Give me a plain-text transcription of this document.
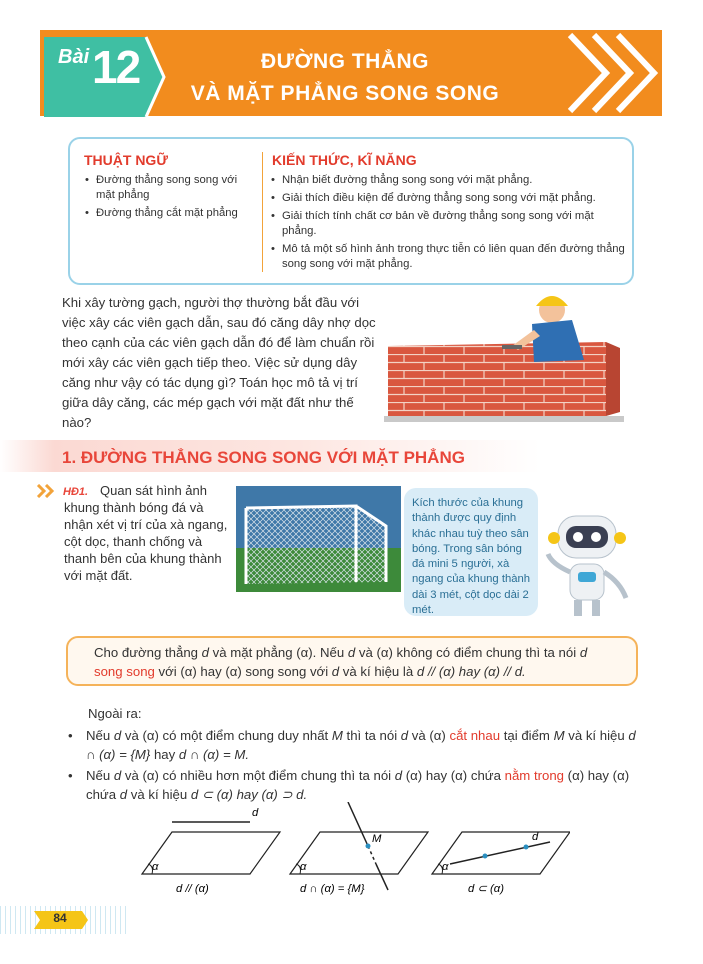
Bài 12	ĐƯỜNG THẲNG
VÀ MẶT PHẲNG SONG SONG
THUẬT NGỮ
• Đường thẳng song song với mặt phẳng
• Đường thẳng cắt mặt phẳng
KIẾN THỨC, KĨ NĂNG
• Nhận biết đường thẳng song song với mặt phẳng.
• Giải thích điều kiện để đường thẳng song song với mặt phẳng.
• Giải thích tính chất cơ bản về đường thẳng song song với mặt phẳng.
• Mô tả một số hình ảnh trong thực tiễn có liên quan đến đường thẳng song song với mặt phẳng.
Khi xây tường gạch, người thợ thường bắt đầu với việc xây các viên gạch dẫn, sau đó căng dây nhợ dọc theo cạnh của các viên gạch dẫn đó để làm chuẩn rồi mới xây các viên gạch tiếp theo. Việc sử dụng dây căng như vậy có tác dụng gì? Toán học mô tả vị trí giữa dây căng, các mép gạch với mặt đất như thế nào?
1. ĐƯỜNG THẲNG SONG SONG VỚI MẶT PHẲNG
HĐ1. Quan sát hình ảnh khung thành bóng đá và nhận xét vị trí của xà ngang, cột dọc, thanh chống và thanh bên của khung thành với mặt đất.
Kích thước của khung thành được quy định khác nhau tuỳ theo sân bóng. Trong sân bóng đá mini 5 người, xà ngang của khung thành dài 3 mét, cột dọc dài 2 mét.
Cho đường thẳng d và mặt phẳng (α). Nếu d và (α) không có điểm chung thì ta nói d
song song với (α) hay (α) song song với d và kí hiệu là d // (α) hay (α) // d.
Ngoài ra:
• Nếu d và (α) có một điểm chung duy nhất M thì ta nói d và (α) cắt nhau tại điểm M và kí hiệu d ∩ (α) = {M} hay d ∩ (α) = M.
• Nếu d và (α) có nhiều hơn một điểm chung thì ta nói d (α) hay (α) chứa nằm trong (α) hay (α) chứa d và kí hiệu d ⊂ (α) hay (α) ⊃ d.
d
α
d // (α)
M
α
d ∩ (α) = {M}
d
α
d ⊂ (α)
84
